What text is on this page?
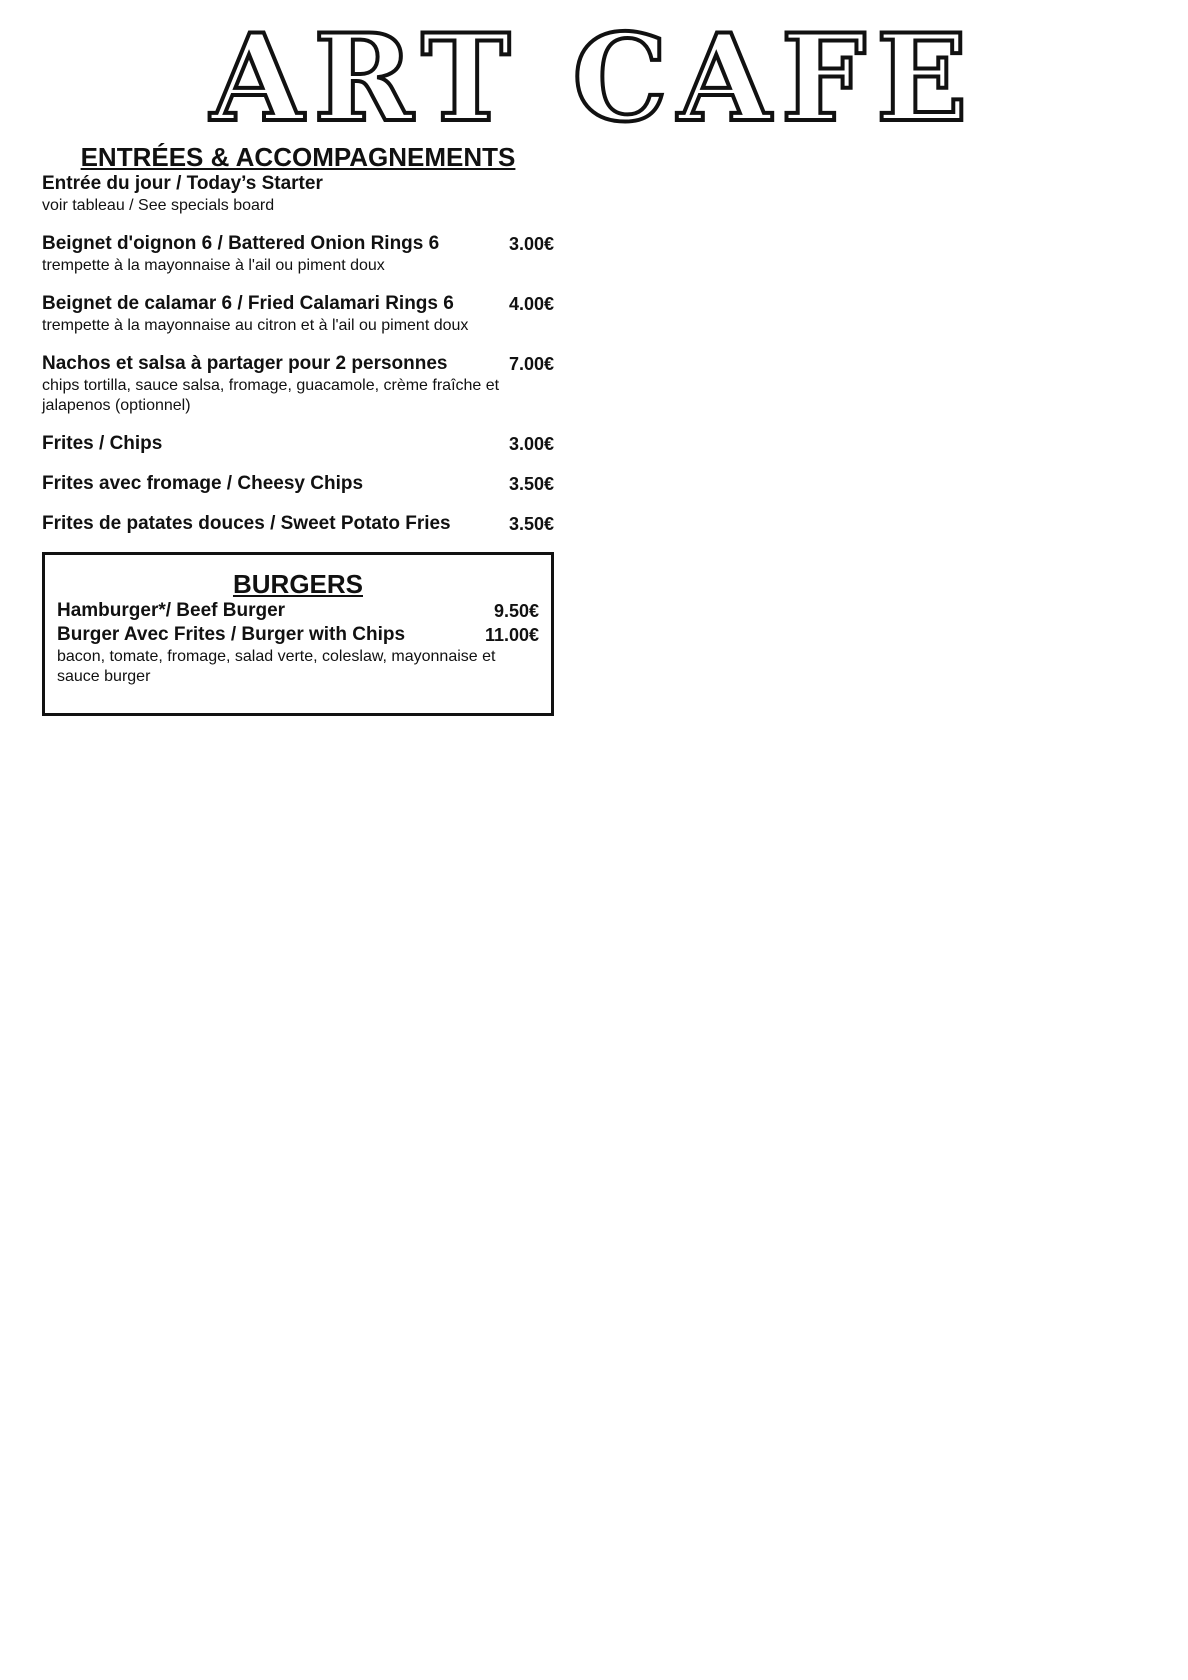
ART CAFE
ENTRÉES & ACCOMPAGNEMENTS
Entrée du jour / Today’s Starter
voir tableau / See specials board
Beignet d'oignon 6 / Battered Onion Rings 6	3.00€
trempette à la mayonnaise à l'ail ou piment doux
Beignet de calamar 6 / Fried Calamari Rings 6	4.00€
trempette à la mayonnaise au citron et à l'ail ou piment doux
Nachos et salsa à partager pour 2 personnes	7.00€
chips tortilla, sauce salsa, fromage, guacamole, crème fraîche et jalapenos (optionnel)
Frites / Chips	3.00€
Frites avec fromage / Cheesy Chips	3.50€
Frites de patates douces / Sweet Potato Fries	3.50€
BURGERS
Hamburger*/ Beef Burger	9.50€
Burger Avec Frites / Burger with Chips	11.00€
bacon, tomate, fromage, salad verte, coleslaw, mayonnaise et sauce burger
